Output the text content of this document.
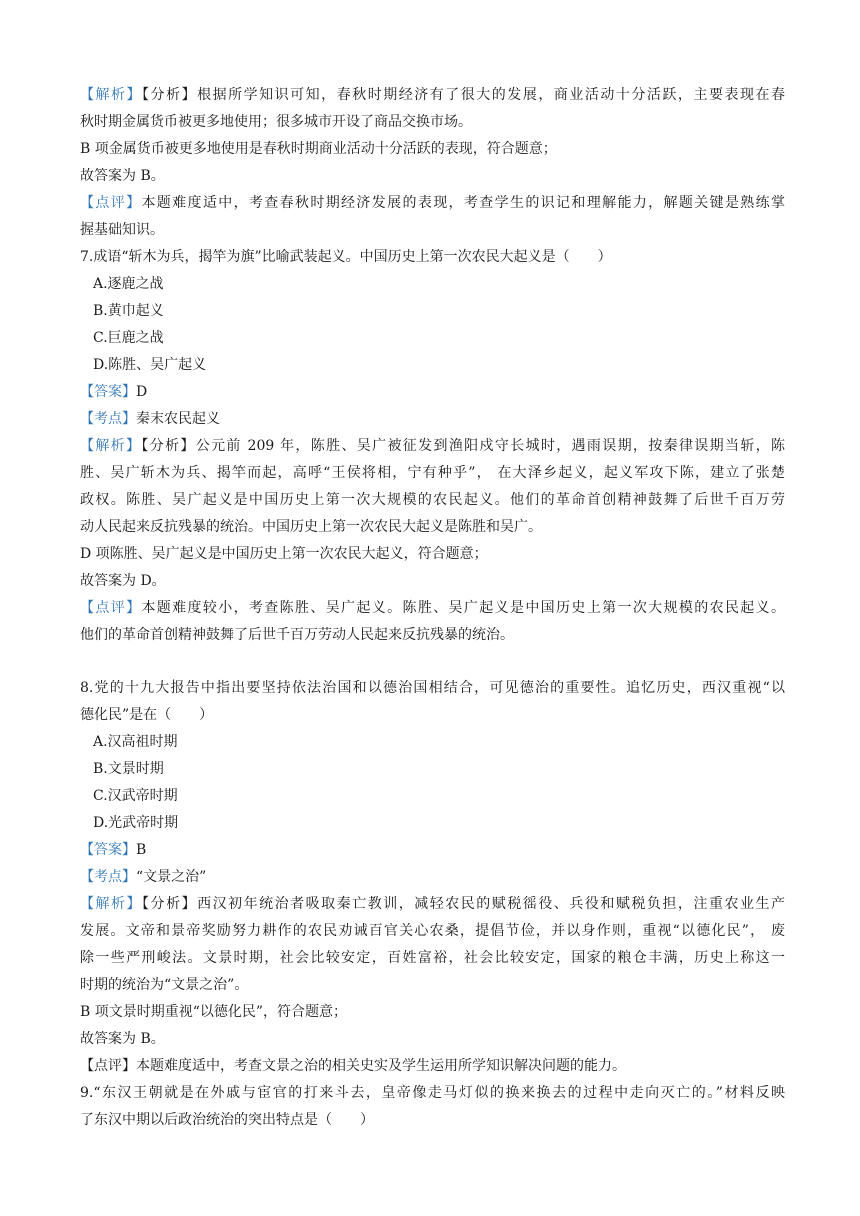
【解析】【分析】根据所学知识可知，春秋时期经济有了很大的发展，商业活动十分活跃，主要表现在春
秋时期金属货币被更多地使用；很多城市开设了商品交换市场。
B 项金属货币被更多地使用是春秋时期商业活动十分活跃的表现，符合题意；
故答案为 B。
【点评】本题难度适中，考查春秋时期经济发展的表现，考查学生的识记和理解能力，解题关键是熟练掌
握基础知识。
7.成语“斩木为兵，揭竿为旗”比喻武装起义。中国历史上第一次农民大起义是（　　）
A.逐鹿之战
B.黄巾起义
C.巨鹿之战
D.陈胜、吴广起义
【答案】D
【考点】秦末农民起义
【解析】【分析】公元前 209 年，陈胜、吴广被征发到渔阳戍守长城时，遇雨误期，按秦律误期当斩，陈
胜、吴广斩木为兵、揭竿而起，高呼“王侯将相，宁有种乎”， 在大泽乡起义，起义军攻下陈，建立了张楚
政权。陈胜、吴广起义是中国历史上第一次大规模的农民起义。他们的革命首创精神鼓舞了后世千百万劳
动人民起来反抗残暴的统治。中国历史上第一次农民大起义是陈胜和吴广。
D 项陈胜、吴广起义是中国历史上第一次农民大起义，符合题意；
故答案为 D。
【点评】本题难度较小，考查陈胜、吴广起义。陈胜、吴广起义是中国历史上第一次大规模的农民起义。
他们的革命首创精神鼓舞了后世千百万劳动人民起来反抗残暴的统治。
8.党的十九大报告中指出要坚持依法治国和以德治国相结合，可见德治的重要性。追忆历史，西汉重视“以
德化民”是在（　　）
A.汉高祖时期
B.文景时期
C.汉武帝时期
D.光武帝时期
【答案】B
【考点】“文景之治”
【解析】【分析】西汉初年统治者吸取秦亡教训，减轻农民的赋税徭役、兵役和赋税负担，注重农业生产
发展。文帝和景帝奖励努力耕作的农民劝诫百官关心农桑，提倡节俭，并以身作则，重视“以德化民”， 废
除一些严刑峻法。文景时期，社会比较安定，百姓富裕，社会比较安定，国家的粮仓丰满，历史上称这一
时期的统治为“文景之治”。
B 项文景时期重视“以德化民”，符合题意；
故答案为 B。
【点评】本题难度适中，考查文景之治的相关史实及学生运用所学知识解决问题的能力。
9.“东汉王朝就是在外戚与宦官的打来斗去，皇帝像走马灯似的换来换去的过程中走向灭亡的。”材料反映
了东汉中期以后政治统治的突出特点是（　　）
